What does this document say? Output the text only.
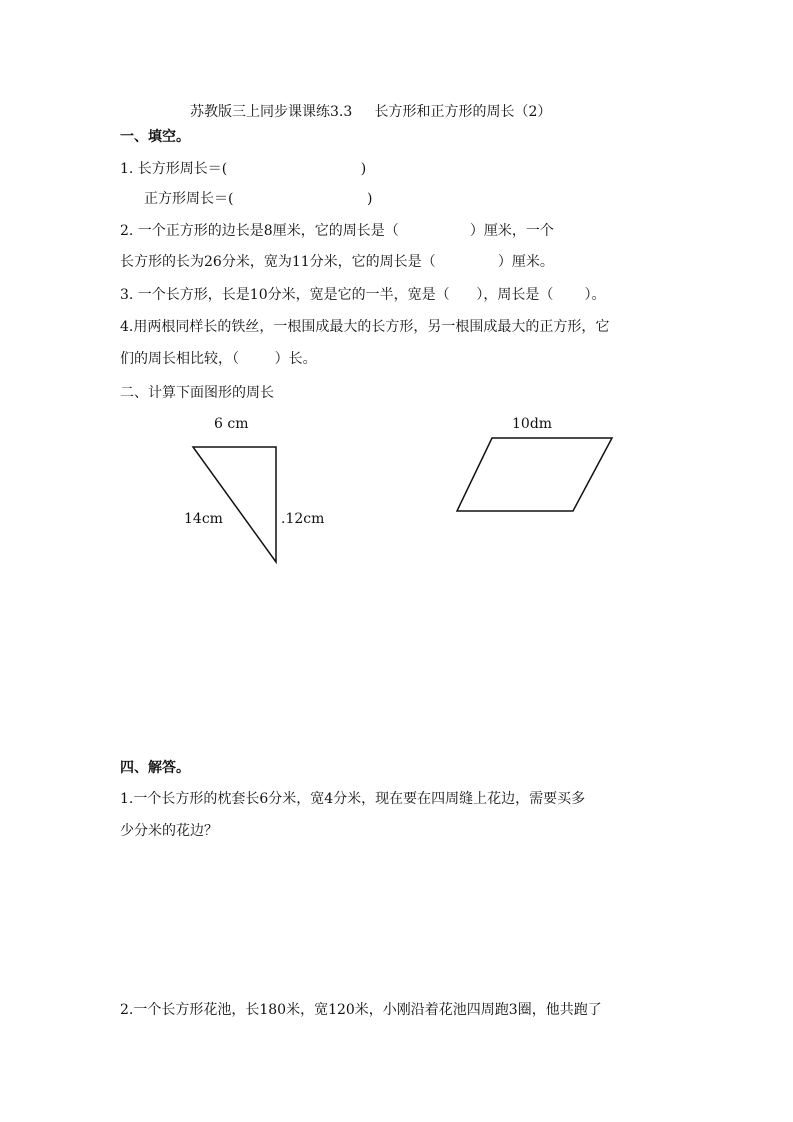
苏教版三上同步课课练3.3     长方形和正方形的周长（2）
一、填空。
1. 长方形周长＝(                              )
正方形周长＝(                              )
2. 一个正方形的边长是8厘米，它的周长是（                ）厘米，一个
长方形的长为26分米，宽为11分米，它的周长是（              ）厘米。
3. 一个长方形，长是10分米，宽是它的一半，宽是（      ），周长是（       ）。
4.用两根同样长的铁丝，一根围成最大的长方形，另一根围成最大的正方形，它
们的周长相比较，（        ）长。
二、计算下面图形的周长
6 cm
14cm	.12cm
10dm
四、解答。
1.一个长方形的枕套长6分米，宽4分米，现在要在四周缝上花边，需要买多
少分米的花边？
2.一个长方形花池，长180米，宽120米，小刚沿着花池四周跑3圈，他共跑了
